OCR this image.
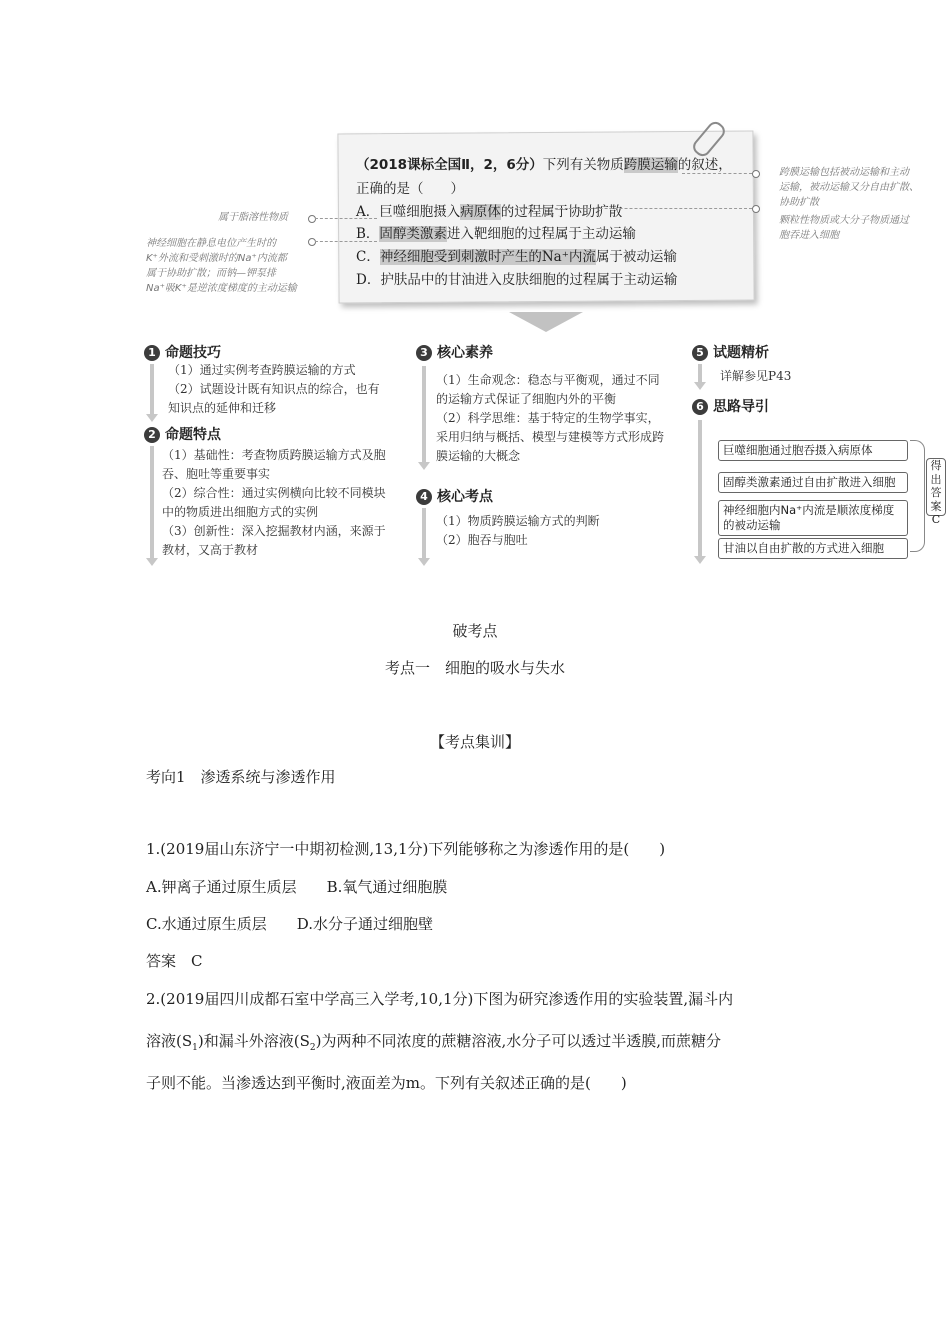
（2018课标全国Ⅱ，2，6分）下列有关物质跨膜运输的叙述，
正确的是（　　）
A．巨噬细胞摄入病原体的过程属于协助扩散
B．固醇类激素进入靶细胞的过程属于主动运输
C．神经细胞受到刺激时产生的Na⁺内流属于被动运输
D．护肤品中的甘油进入皮肤细胞的过程属于主动运输
属于脂溶性物质
神经细胞在静息电位产生时的
K⁺外流和受刺激时的Na⁺内流都
属于协助扩散；而钠—钾泵排
Na⁺吸K⁺是逆浓度梯度的主动运输
跨膜运输包括被动运输和主动
运输，被动运输又分自由扩散、
协助扩散
颗粒性物质或大分子物质通过
胞吞进入细胞
1 命题技巧
（1）通过实例考查跨膜运输的方式
（2）试题设计既有知识点的综合，也有
知识点的延伸和迁移
2 命题特点
（1）基础性：考查物质跨膜运输方式及胞
吞、胞吐等重要事实
（2）综合性：通过实例横向比较不同模块
中的物质进出细胞方式的实例
（3）创新性：深入挖掘教材内涵，来源于
教材，又高于教材
3 核心素养
（1）生命观念：稳态与平衡观，通过不同
的运输方式保证了细胞内外的平衡
（2）科学思维：基于特定的生物学事实，
采用归纳与概括、模型与建模等方式形成跨
膜运输的大概念
4 核心考点
（1）物质跨膜运输方式的判断
（2）胞吞与胞吐
5 试题精析
详解参见P43
6 思路导引
巨噬细胞通过胞吞摄入病原体
固醇类激素通过自由扩散进入细胞
神经细胞内Na⁺内流是顺浓度梯度的被动运输
甘油以自由扩散的方式进入细胞
得
出
答
案
C
破考点
考点一　细胞的吸水与失水
【考点集训】
考向1　渗透系统与渗透作用
1.(2019届山东济宁一中期初检测,13,1分)下列能够称之为渗透作用的是(　　)
A.钾离子通过原生质层 B.氧气通过细胞膜
C.水通过原生质层 D.水分子通过细胞壁
答案　C
2.(2019届四川成都石室中学高三入学考,10,1分)下图为研究渗透作用的实验装置,漏斗内
溶液$(S_1)$和漏斗外溶液$(S_2)$为两种不同浓度的蔗糖溶液,水分子可以透过半透膜,而蔗糖分
子则不能。当渗透达到平衡时,液面差为m。下列有关叙述正确的是(　　)
